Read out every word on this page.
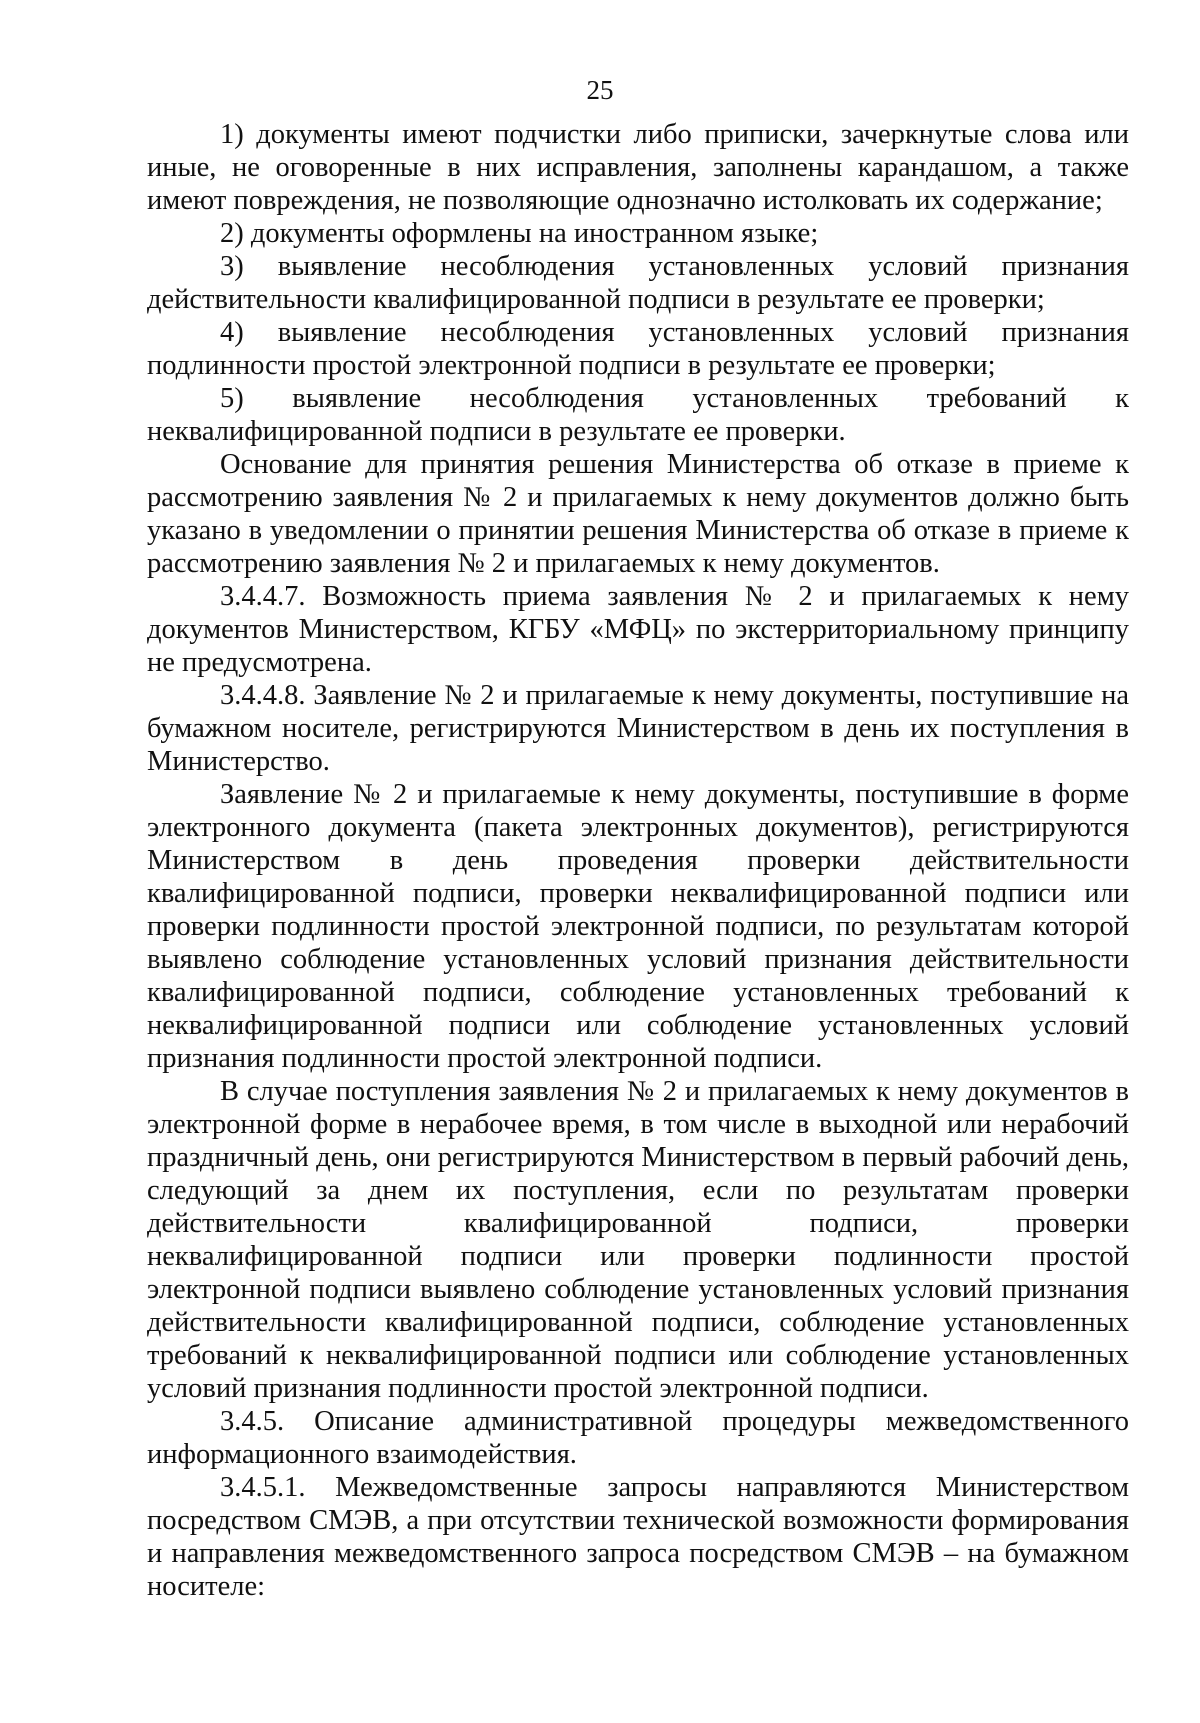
25

1) документы имеют подчистки либо приписки, зачеркнутые слова или иные, не оговоренные в них исправления, заполнены карандашом, а также имеют повреждения, не позволяющие однозначно истолковать их содержание;

2) документы оформлены на иностранном языке;

3) выявление несоблюдения установленных условий признания действительности квалифицированной подписи в результате ее проверки;

4) выявление несоблюдения установленных условий признания подлинности простой электронной подписи в результате ее проверки;

5) выявление несоблюдения установленных требований к неквалифицированной подписи в результате ее проверки.

Основание для принятия решения Министерства об отказе в приеме к рассмотрению заявления № 2 и прилагаемых к нему документов должно быть указано в уведомлении о принятии решения Министерства об отказе в приеме к рассмотрению заявления № 2 и прилагаемых к нему документов.

3.4.4.7. Возможность приема заявления № 2 и прилагаемых к нему документов Министерством, КГБУ «МФЦ» по экстерриториальному принципу не предусмотрена.

3.4.4.8. Заявление № 2 и прилагаемые к нему документы, поступившие на бумажном носителе, регистрируются Министерством в день их поступления в Министерство.

Заявление № 2 и прилагаемые к нему документы, поступившие в форме электронного документа (пакета электронных документов), регистрируются Министерством в день проведения проверки действительности квалифицированной подписи, проверки неквалифицированной подписи или проверки подлинности простой электронной подписи, по результатам которой выявлено соблюдение установленных условий признания действительности квалифицированной подписи, соблюдение установленных требований к неквалифицированной подписи или соблюдение установленных условий признания подлинности простой электронной подписи.

В случае поступления заявления № 2 и прилагаемых к нему документов в электронной форме в нерабочее время, в том числе в выходной или нерабочий праздничный день, они регистрируются Министерством в первый рабочий день, следующий за днем их поступления, если по результатам проверки действительности квалифицированной подписи, проверки неквалифицированной подписи или проверки подлинности простой электронной подписи выявлено соблюдение установленных условий признания действительности квалифицированной подписи, соблюдение установленных требований к неквалифицированной подписи или соблюдение установленных условий признания подлинности простой электронной подписи.

3.4.5. Описание административной процедуры межведомственного информационного взаимодействия.

3.4.5.1. Межведомственные запросы направляются Министерством посредством СМЭВ, а при отсутствии технической возможности формирования и направления межведомственного запроса посредством СМЭВ – на бумажном носителе:
